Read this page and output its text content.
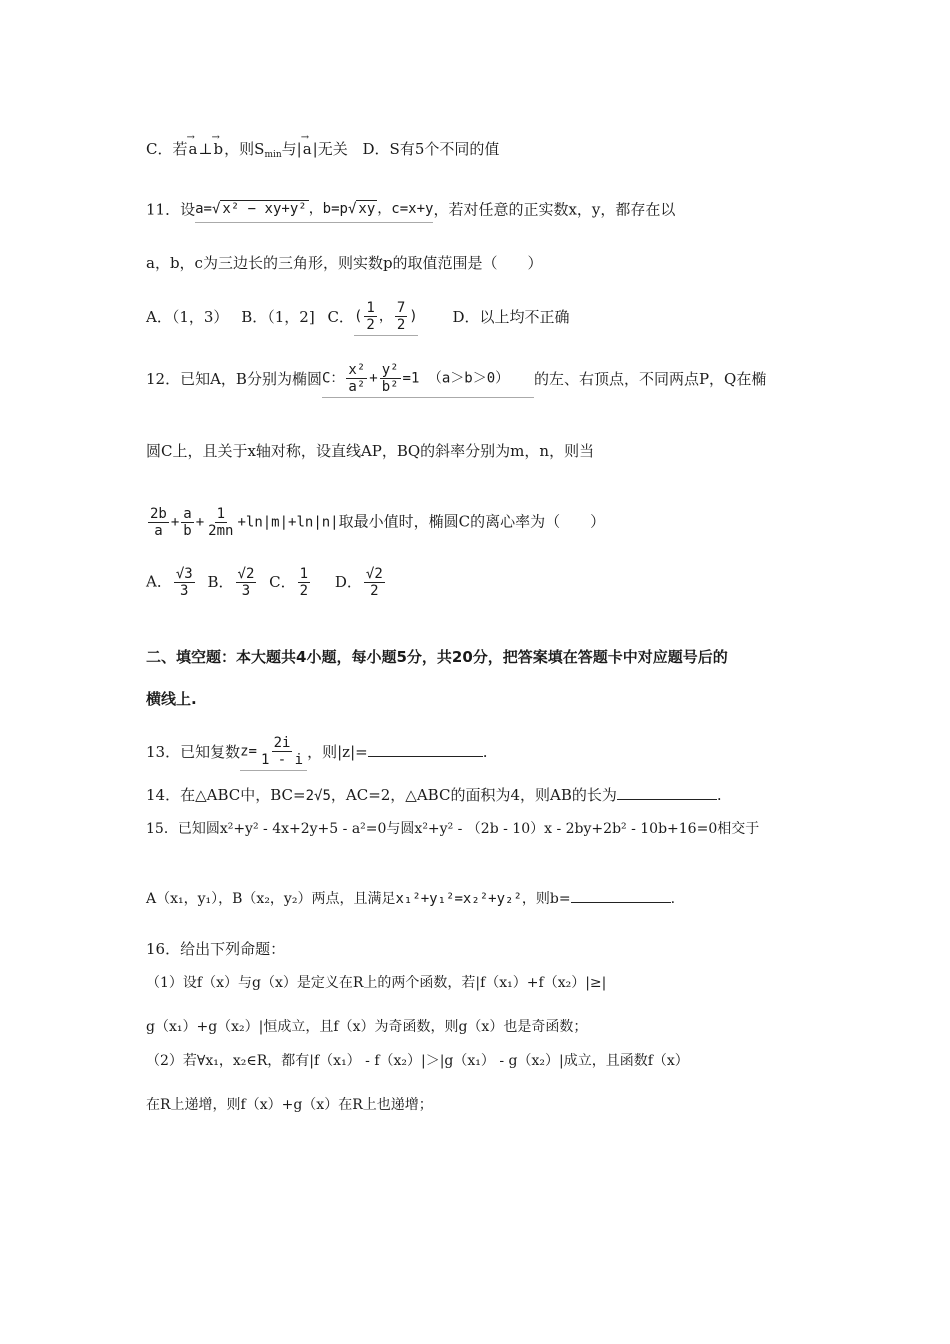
C．若→ a⊥→ b，则$S_{min}$与|→ a|无关 D．S有5个不同的值
11．设a=√ x² − xy+y² ，b=p√ xy ，c=x+y，若对任意的正实数x，y，都存在以
a，b，c为三边长的三角形，则实数p的取值范围是（　　）
A．（1，3） B．（1，2] C．( $\frac{1}{2}$ ， $\frac{7}{2}$ ) D．以上均不正确
12．已知A，B分别为椭圆C： $\frac{\text{x²}}{\text{a²}} + \frac{\text{y²}}{\text{b²}} =1$ （a＞b＞0） 的左、右顶点，不同两点P，Q在椭
圆C上，且关于x轴对称，设直线AP，BQ的斜率分别为m，n，则当
$\frac{2b}{a} + \frac{a}{b} + \frac{1}{2mn} +\ln|m|+\ln|n|$取最小值时，椭圆C的离心率为（　　）
A． $\frac{√3}{3}$ B． $\frac{√2}{3}$ C． $\frac{1}{2}$ D． $\frac{√2}{2}$
二、填空题：本大题共4小题，每小题5分，共20分，把答案填在答题卡中对应题号后的
横线上.
13．已知复数$z= \frac{2i}{1 - i}$ ，则|z|=	.
14．在△ABC中，BC=2√5，AC=2，△ABC的面积为4，则AB的长为	.
15．已知圆x²+y² - 4x+2y+5 - a²=0与圆x²+y² - （2b - 10）x - 2by+2b² - 10b+16=0相交于
A（x₁，y₁），B（x₂，y₂）两点，且满足x₁²+y₁²=x₂²+y₂²，则b=	.
16．给出下列命题：
（1）设f（x）与g（x）是定义在R上的两个函数，若|f（x₁）+f（x₂）|≥|
g（x₁）+g（x₂）|恒成立，且f（x）为奇函数，则g（x）也是奇函数；
（2）若∀x₁，x₂∈R，都有|f（x₁） - f（x₂）|＞|g（x₁） - g（x₂）|成立，且函数f（x）
在R上递增，则f（x）+g（x）在R上也递增；
